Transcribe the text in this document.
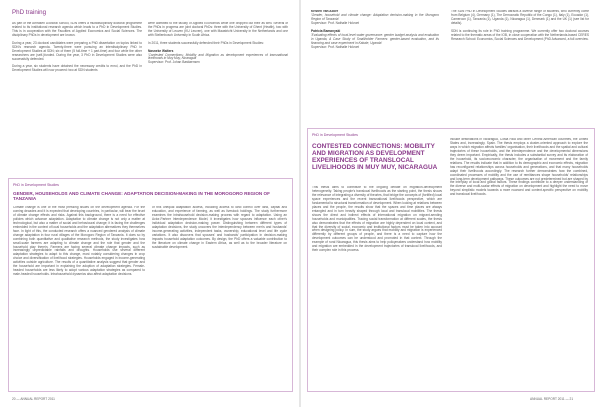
PhD training

As part of the Amrasen Doctoral School, SDN offers a multidisciplinary doctoral programme related to its institutional research agenda which leads to a PhD in Development Studies. This is in cooperation with the Faculties of Applied Economics and Social Sciences. The disciplinary PhDs in development are known.

During a year, 23 doctoral candidates were preparing a PhD dissertation on topics linked to SDN's research agenda. Twenty-three were pursuing an interdisciplinary PhD in Development Studies at SDN; six of them (5 full-time + 1 part-time) and four while the other researchers are (self-)funded. During the year, 3 PhD in Development Studies were also successfully defended.

During a year, six students have obtained the necessary credits to enrol, and the PhD in Development Studies will now proceed: two at SDN students

were admitted to the faculty of Applied Economics while one dropped out their as well. Several of the PhDs in progress are joint doctoral PhDs: three with the University of Ghent (Health), two with the University of Leuven (KU Leuven), one with Maastricht University in the Netherlands and one with Stellenbosch University in South Africa.

In 2011, three students successfully defended their PhDs in Development Studies:

Nasneke Walters
'Contested Connections: Mobility and Migration as development experiences of transnational livelihoods in Muy Muy, Nicaragua'
Supervisor: Prof. Johan Bastiaensen
PhD in Development Studies

GENDER, HOUSEHOLDS AND CLIMATE CHANGE: ADAPTATION DECISION-MAKING IN THE MOROGORO REGION OF TANZANIA

Climate change is one of the most pressing issues on the development agenda. For the coming decades and it is expected that developing countries, in particular, will bear the brunt of climate change effects and risks. Against this background, there is a need for effective policies which advance adaptation. Adaptation to climate change is not only a matter at technological, but also a matter of social and behavioural change; it is facing the challenges embedded in the context of local households and the adaptation alternatives they themselves face. In light of this, the conducted research offers a nuanced gendered analysis of climate change adaptation in four rural villages of the Morogoro Region of Tanzania. It does so by combining both quantitative and qualitative research methods, the study investigates how small-scale farmers are adapting to climate change and the role that gender and the household play therein. Farmers are facing several climate change impacts, such as increasingly unpredictable rainfalls and droughts. Households use several different adaptation strategies to adapt to this change, most notably considering changes in crop choice and diversification of livelihood strategies. Households engaged in income-generating activities outside agriculture. The results of a quantitative analysis suggest that gender and the household are important in explaining the adoption of adaptation strategies. Female-headed households are less likely to adopt various adaptation strategies as compared to male-headed households. Intrahousehold dynamics also affect adaptation decisions.
of this unequal adaptation access, including access to land control over land, capital and education, and experience of farming, as well as livestock holdings. The study furthermore examines the intrahousehold decision-making process with regard to adaptation. Using an Actor-Partner Interdependence Model, it investigates how spouses influence each other's individual adaptation decision-making power. Distinguishing between different types of adaptation decisions, the study uncovers the interdependency between men's and husbands' income-generating activities, independent tasks, ownership, educational level and life cycle variations. It also discovers that spouses' and husbands' participation in decision-making impacts household adaptation outcomes. By design, the PhD offers a valuable contribution to the literature on climate change in Eastern Africa, as well as to the broader literature on sustainable development.
20 — ANNUAL REPORT 2011
Kristen Van Acker
'Gender, household and climate change: Adaptation decision-making in the Morogoro Region of Tanzania'

Supervisor: Prof. Nathalie Holvoet

Patricia Bamanyaki
'Evaluating effects of local-level water governance: gender budget analysis and evaluation in Uganda, A Case Study of Smallholder Farmers: gender-based evaluation, and its financing and case experiment in Kabale, Uganda'
Supervisor: Prof. Nathalie Holvoet

The SDN PhD in Development Studies attracts a diverse range of students, who currently come from Belgium (4), Germany (1), The Democratic Republic of the Congo (1), Italy (1), Ecuador (1), Cameroon (1), Tanzania (1), Uganda (1), Nicaragua (1), Denmark (1) and the UK (1) (see list for details).

SDN is continuing its role in PhD training programme. We currently offer two doctoral courses related to the thematic areas of the IOB, in close cooperation with the Netherlands-based CERES Research School: Economics, Social Sciences and Development (PhD Advanced, a full overview.

PhD in Development Studies

CONTESTED CONNECTIONS: MOBILITY AND MIGRATION AS DEVELOPMENT EXPERIENCES OF TRANSLOCAL LIVELIHOODS IN MUY MUY, NICARAGUA

This thesis aims to contribute to the ongoing debate on migration-development heterogeneity. Taking people's translocal livelihoods as the starting point, the thesis shows the relevance of integrating a diversity of theories, that bridge the concepts of (fortified) local space experiences and the recent transnational livelihoods perspective, which are fundamental to structural transformation of development. When looking at relations between places and the people, the results show that the spaces and time places are always entangled and in turn heavily shaped through local and translocal mobilities. The thesis shows the direct and indirect effects of international migration on migrant-sending households and municipalities. Tracing social transformation at different scales, the thesis also demonstrates that the effects of migration are highly dependent on local context, and that the diversity of social, economic and institutional factors must be taken into account when designing policy. In sum, the study argues that mobility and migration is experienced differently by different groups of people, and there is a need to capture how the development outcomes can be understood and promoted in that context. Through the example of rural Nicaragua, this thesis aims to help policymakers understand how mobility and migration are embedded in the development trajectories of translocal livelihoods, and their complex role in this process.
include destinations in Nicaragua, Costa Rica and other Central American countries, the United States and, increasingly, Spain. The thesis employs a cluster-oriented approach to explore the ways in which migration affects families' organisation, their livelihoods and the spatial and cultural trajectories of these households, and the interdependence and the developmental dimensions they deem important. Empirically, the thesis includes a substantial survey and its elaboration of the household, its socioeconomic character, the organisation of movement and the family relations. The results indicate that in addition to its demographic and economic effects, migration has reconfigured relationships across households and generations, and that many households adapt their livelihoods accordingly. The research further demonstrates how the combined, coordinated processes of mobility and the use of remittances shape households' relationships and long-term development pathways. These outcomes are not predetermined but are shaped by the interplay of local and global factors. These findings contribute to a deeper understanding of the diverse and multi-scalar effects of migration on development and highlight the need to move beyond simplistic models towards a more nuanced and context-specific perspective on mobility and translocal livelihoods.
ANNUAL REPORT 2011 — 21
